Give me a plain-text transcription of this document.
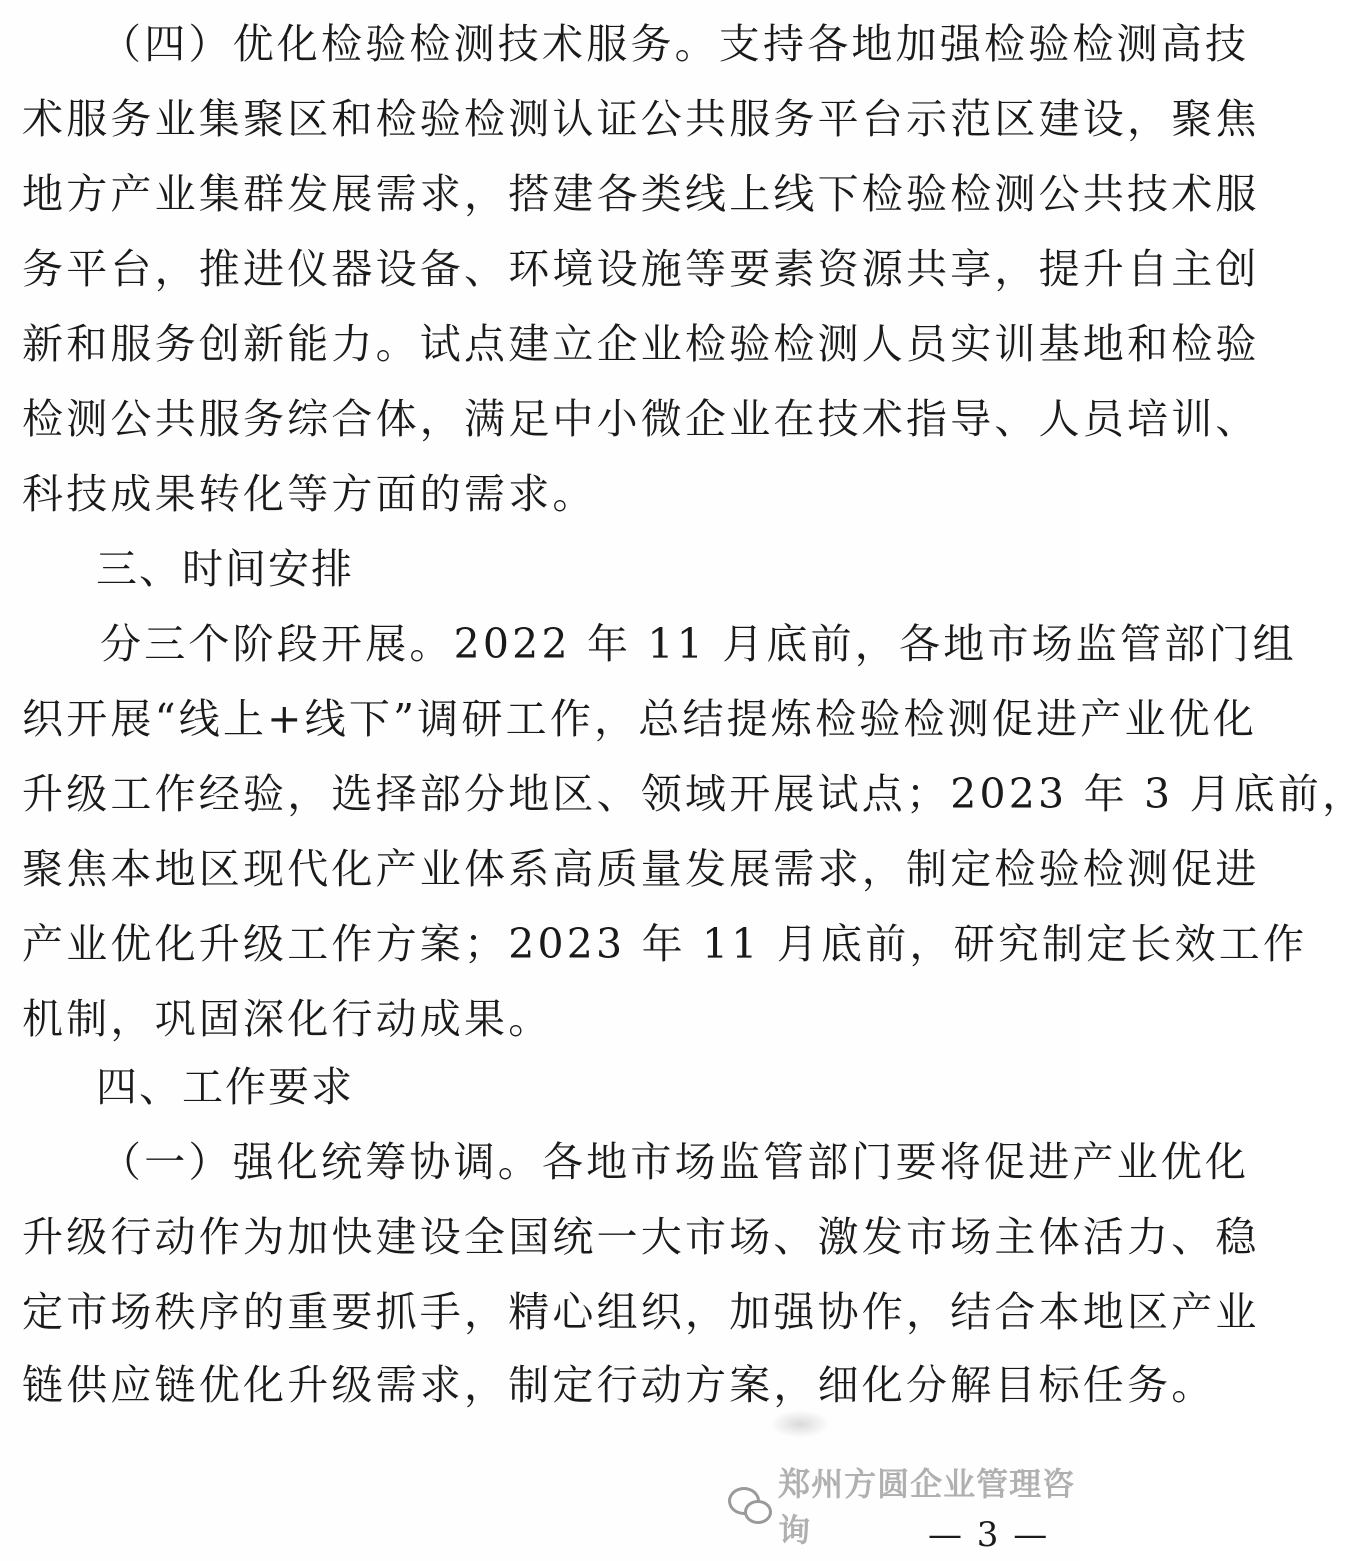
（四）优化检验检测技术服务。支持各地加强检验检测高技
术服务业集聚区和检验检测认证公共服务平台示范区建设，聚焦
地方产业集群发展需求，搭建各类线上线下检验检测公共技术服
务平台，推进仪器设备、环境设施等要素资源共享，提升自主创
新和服务创新能力。试点建立企业检验检测人员实训基地和检验
检测公共服务综合体，满足中小微企业在技术指导、人员培训、
科技成果转化等方面的需求。
三、时间安排
分三个阶段开展。2022 年 11 月底前，各地市场监管部门组
织开展“线上+线下”调研工作，总结提炼检验检测促进产业优化
升级工作经验，选择部分地区、领域开展试点；2023 年 3 月底前，
聚焦本地区现代化产业体系高质量发展需求，制定检验检测促进
产业优化升级工作方案；2023 年 11 月底前，研究制定长效工作
机制，巩固深化行动成果。
四、工作要求
（一）强化统筹协调。各地市场监管部门要将促进产业优化
升级行动作为加快建设全国统一大市场、激发市场主体活力、稳
定市场秩序的重要抓手，精心组织，加强协作，结合本地区产业
链供应链优化升级需求，制定行动方案，细化分解目标任务。
郑州方圆企业管理咨询	— 3 —
